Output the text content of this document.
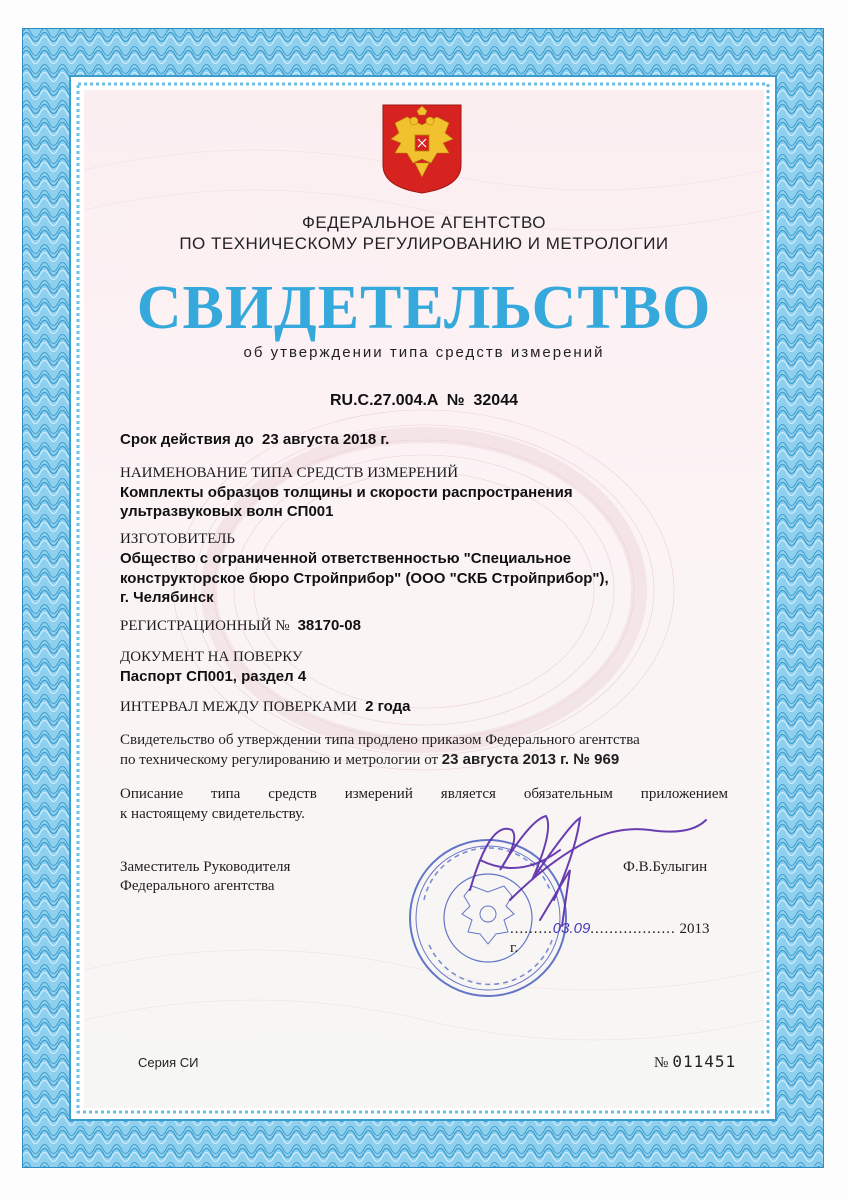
ФЕДЕРАЛЬНОЕ АГЕНТСТВО
ПО ТЕХНИЧЕСКОМУ РЕГУЛИРОВАНИЮ И МЕТРОЛОГИИ
СВИДЕТЕЛЬСТВО
об утверждении типа средств измерений
RU.C.27.004.A  №  32044
Срок действия до 23 августа 2018 г.
НАИМЕНОВАНИЕ ТИПА СРЕДСТВ ИЗМЕРЕНИЙ
Комплекты образцов толщины и скорости распространения
ультразвуковых волн СП001
ИЗГОТОВИТЕЛЬ
Общество с ограниченной ответственностью "Специальное
конструкторское бюро Стройприбор" (ООО "СКБ Стройприбор"),
г. Челябинск
РЕГИСТРАЦИОННЫЙ № 38170-08
ДОКУМЕНТ НА ПОВЕРКУ
Паспорт СП001, раздел 4
ИНТЕРВАЛ МЕЖДУ ПОВЕРКАМИ 2 года
Свидетельство об утверждении типа продлено приказом Федерального агентства
по техническому регулированию и метрологии от 23 августа 2013 г. № 969
Описание типа средств измерений является обязательным приложением
к настоящему свидетельству.
Заместитель Руководителя
Федерального агентства
Ф.В.Булыгин
.........03.09.................. 2013 г.
Серия СИ	№ 011451
